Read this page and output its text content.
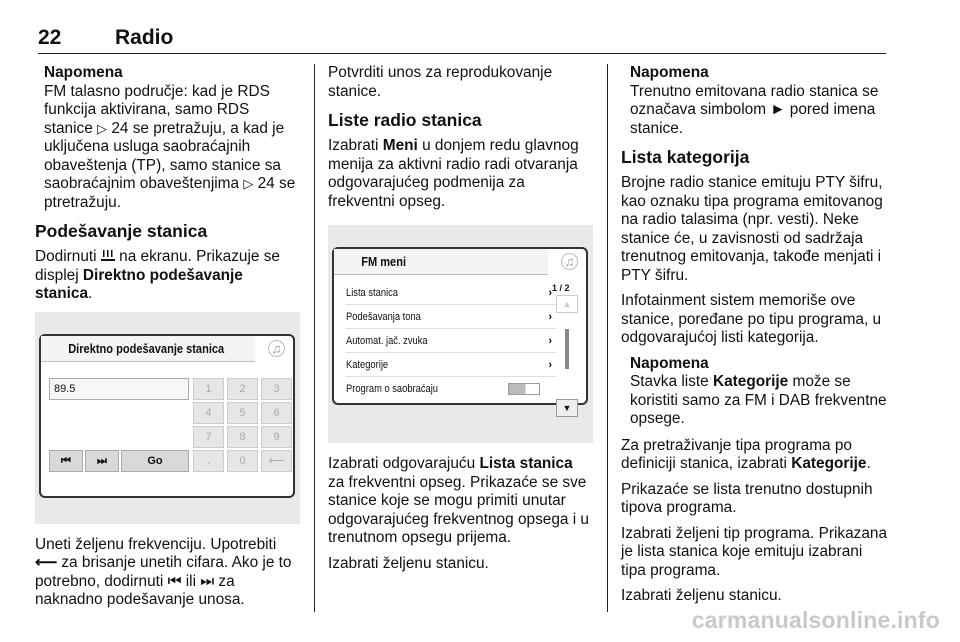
22	Radio
Napomena
FM talasno područje: kad je RDS funkcija aktivirana, samo RDS stanice ▷ 24 se pretražuju, a kad je uključena usluga saobraćajnih obaveštenja (TP), samo stanice sa saobraćajnim obaveštenjima ▷ 24 se ptretražuju.
Podešavanje stanica

Dodirnuti  na ekranu. Prikazuje se displej Direktno podešavanje stanica.

Direktno podešavanje stanica	♫
89.5	1	2	3
4	5	6
7	8	9
.	0	⟵
⏮	⏭	Go

Uneti željenu frekvenciju. Upotrebiti ⟵ za brisanje unetih cifara. Ako je to potrebno, dodirnuti ⏮ ili ⏭ za naknadno podešavanje unosa.

Potvrditi unos za reprodukovanje stanice.

Liste radio stanica

Izabrati Meni u donjem redu glavnog menija za aktivni radio radi otvaranja odgovarajućeg podmenija za frekventni opseg.

FM meni	♫
Lista stanica	›
Podešavanja tona	›
Automat. jač. zvuka	›
Kategorije	›
Program o saobraćaju
1 / 2
▲
▼

Izabrati odgovarajuću Lista stanica za frekventni opseg. Prikazaće se sve stanice koje se mogu primiti unutar odgovarajućeg frekventnog opsega i u trenutnom opsegu prijema.

Izabrati željenu stanicu.

Napomena
Trenutno emitovana radio stanica se označava simbolom ► pored imena stanice.
Lista kategorija

Brojne radio stanice emituju PTY šifru, kao oznaku tipa programa emitovanog na radio talasima (npr. vesti). Neke stanice će, u zavisnosti od sadržaja trenutnog emitovanja, takođe menjati i PTY šifru.

Infotainment sistem memoriše ove stanice, poređane po tipu programa, u odgovarajućoj listi kategorija.

Napomena
Stavka liste Kategorije može se koristiti samo za FM i DAB frekventne opsege.

Za pretraživanje tipa programa po definiciji stanica, izabrati Kategorije.

Prikazaće se lista trenutno dostupnih tipova programa.

Izabrati željeni tip programa. Prikazana je lista stanica koje emituju izabrani tipa programa.

Izabrati željenu stanicu.

carmanualsonline.info
